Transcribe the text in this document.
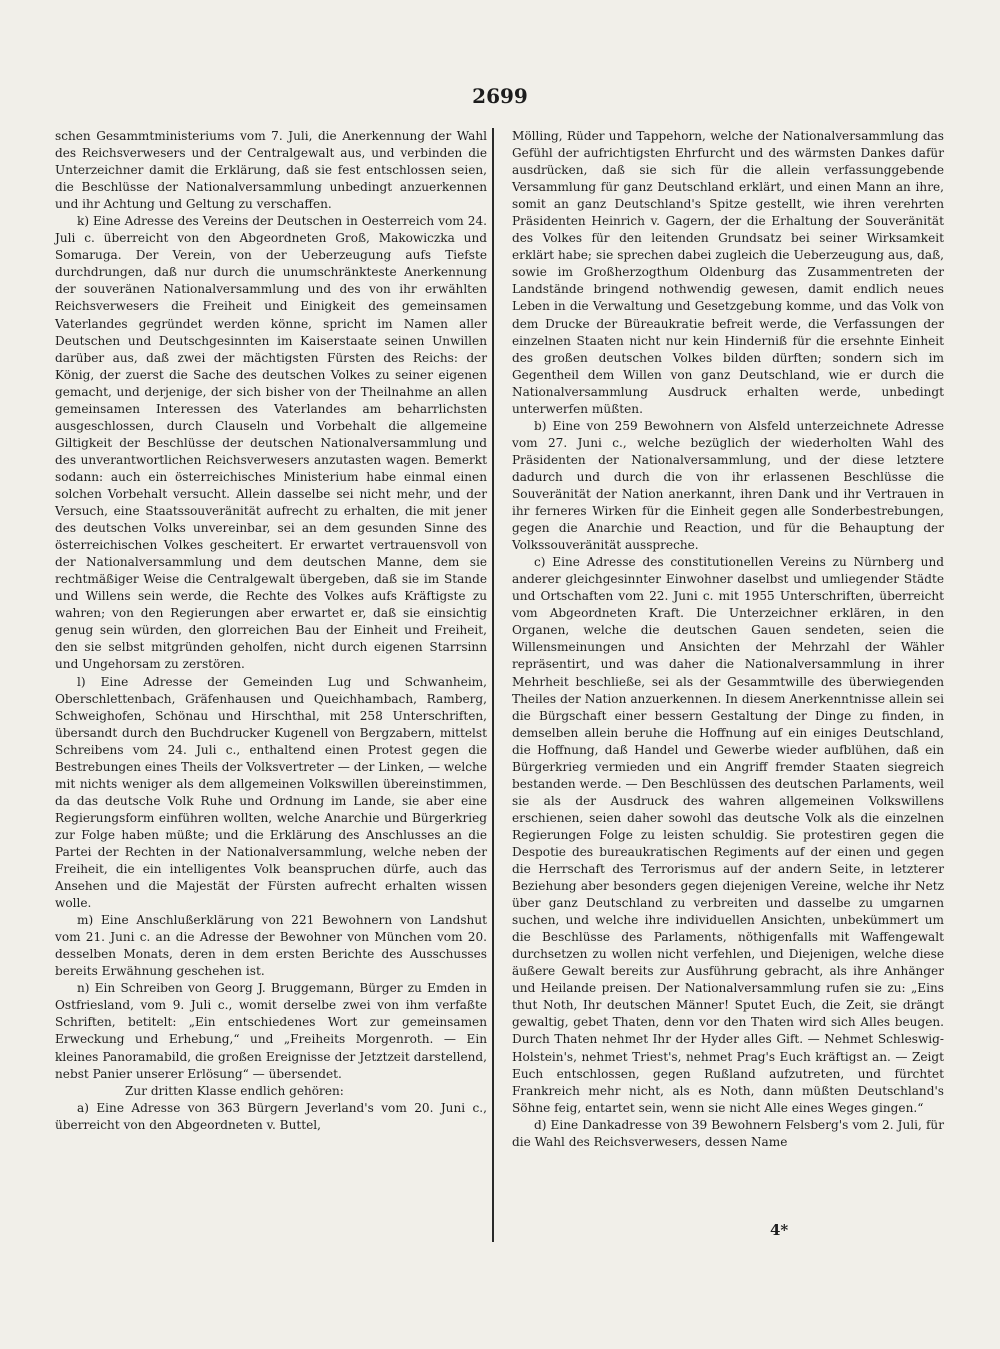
2699

schen Gesammtministeriums vom 7. Juli, die Anerkennung der Wahl des Reichsverwesers und der Centralgewalt aus, und verbinden die Unterzeichner damit die Erklärung, daß sie fest entschlossen seien, die Beschlüsse der Nationalversammlung unbedingt anzuerkennen und ihr Achtung und Geltung zu verschaffen.

k) Eine Adresse des Vereins der Deutschen in Oesterreich vom 24. Juli c. überreicht von den Abgeordneten Groß, Makowiczka und Somaruga. Der Verein, von der Ueberzeugung aufs Tiefste durchdrungen, daß nur durch die unumschränkteste Anerkennung der souveränen Nationalversammlung und des von ihr erwählten Reichsverwesers die Freiheit und Einigkeit des gemeinsamen Vaterlandes gegründet werden könne, spricht im Namen aller Deutschen und Deutschgesinnten im Kaiserstaate seinen Unwillen darüber aus, daß zwei der mächtigsten Fürsten des Reichs: der König, der zuerst die Sache des deutschen Volkes zu seiner eigenen gemacht, und derjenige, der sich bisher von der Theilnahme an allen gemeinsamen Interessen des Vaterlandes am beharrlichsten ausgeschlossen, durch Clauseln und Vorbehalt die allgemeine Giltigkeit der Beschlüsse der deutschen Nationalversammlung und des unverantwortlichen Reichsverwesers anzutasten wagen. Bemerkt sodann: auch ein österreichisches Ministerium habe einmal einen solchen Vorbehalt versucht. Allein dasselbe sei nicht mehr, und der Versuch, eine Staatssouveränität aufrecht zu erhalten, die mit jener des deutschen Volks unvereinbar, sei an dem gesunden Sinne des österreichischen Volkes gescheitert. Er erwartet vertrauensvoll von der Nationalversammlung und dem deutschen Manne, dem sie rechtmäßiger Weise die Centralgewalt übergeben, daß sie im Stande und Willens sein werde, die Rechte des Volkes aufs Kräftigste zu wahren; von den Regierungen aber erwartet er, daß sie einsichtig genug sein würden, den glorreichen Bau der Einheit und Freiheit, den sie selbst mitgründen geholfen, nicht durch eigenen Starrsinn und Ungehorsam zu zerstören.

l) Eine Adresse der Gemeinden Lug und Schwanheim, Oberschlettenbach, Gräfenhausen und Queichhambach, Ramberg, Schweighofen, Schönau und Hirschthal, mit 258 Unterschriften, übersandt durch den Buchdrucker Kugenell von Bergzabern, mittelst Schreibens vom 24. Juli c., enthaltend einen Protest gegen die Bestrebungen eines Theils der Volksvertreter — der Linken, — welche mit nichts weniger als dem allgemeinen Volkswillen übereinstimmen, da das deutsche Volk Ruhe und Ordnung im Lande, sie aber eine Regierungsform einführen wollten, welche Anarchie und Bürgerkrieg zur Folge haben müßte; und die Erklärung des Anschlusses an die Partei der Rechten in der Nationalversammlung, welche neben der Freiheit, die ein intelligentes Volk beanspruchen dürfe, auch das Ansehen und die Majestät der Fürsten aufrecht erhalten wissen wolle.

m) Eine Anschlußerklärung von 221 Bewohnern von Landshut vom 21. Juni c. an die Adresse der Bewohner von München vom 20. desselben Monats, deren in dem ersten Berichte des Ausschusses bereits Erwähnung geschehen ist.

n) Ein Schreiben von Georg J. Bruggemann, Bürger zu Emden in Ostfriesland, vom 9. Juli c., womit derselbe zwei von ihm verfaßte Schriften, betitelt: „Ein entschiedenes Wort zur gemeinsamen Erweckung und Erhebung,“ und „Freiheits Morgenroth. — Ein kleines Panoramabild, die großen Ereignisse der Jetztzeit darstellend, nebst Panier unserer Erlösung“ — übersendet.

Zur dritten Klasse endlich gehören:

a) Eine Adresse von 363 Bürgern Jeverland's vom 20. Juni c., überreicht von den Abgeordneten v. Buttel,

Mölling, Rüder und Tappehorn, welche der Nationalversammlung das Gefühl der aufrichtigsten Ehrfurcht und des wärmsten Dankes dafür ausdrücken, daß sie sich für die allein verfassunggebende Versammlung für ganz Deutschland erklärt, und einen Mann an ihre, somit an ganz Deutschland's Spitze gestellt, wie ihren verehrten Präsidenten Heinrich v. Gagern, der die Erhaltung der Souveränität des Volkes für den leitenden Grundsatz bei seiner Wirksamkeit erklärt habe; sie sprechen dabei zugleich die Ueberzeugung aus, daß, sowie im Großherzogthum Oldenburg das Zusammentreten der Landstände bringend nothwendig gewesen, damit endlich neues Leben in die Verwaltung und Gesetzgebung komme, und das Volk von dem Drucke der Büreaukratie befreit werde, die Verfassungen der einzelnen Staaten nicht nur kein Hinderniß für die ersehnte Einheit des großen deutschen Volkes bilden dürften; sondern sich im Gegentheil dem Willen von ganz Deutschland, wie er durch die Nationalversammlung Ausdruck erhalten werde, unbedingt unterwerfen müßten.

b) Eine von 259 Bewohnern von Alsfeld unterzeichnete Adresse vom 27. Juni c., welche bezüglich der wiederholten Wahl des Präsidenten der Nationalversammlung, und der diese letztere dadurch und durch die von ihr erlassenen Beschlüsse die Souveränität der Nation anerkannt, ihren Dank und ihr Vertrauen in ihr ferneres Wirken für die Einheit gegen alle Sonderbestrebungen, gegen die Anarchie und Reaction, und für die Behauptung der Volkssouveränität ausspreche.

c) Eine Adresse des constitutionellen Vereins zu Nürnberg und anderer gleichgesinnter Einwohner daselbst und umliegender Städte und Ortschaften vom 22. Juni c. mit 1955 Unterschriften, überreicht vom Abgeordneten Kraft. Die Unterzeichner erklären, in den Organen, welche die deutschen Gauen sendeten, seien die Willensmeinungen und Ansichten der Mehrzahl der Wähler repräsentirt, und was daher die Nationalversammlung in ihrer Mehrheit beschließe, sei als der Gesammtwille des überwiegenden Theiles der Nation anzuerkennen. In diesem Anerkenntnisse allein sei die Bürgschaft einer bessern Gestaltung der Dinge zu finden, in demselben allein beruhe die Hoffnung auf ein einiges Deutschland, die Hoffnung, daß Handel und Gewerbe wieder aufblühen, daß ein Bürgerkrieg vermieden und ein Angriff fremder Staaten siegreich bestanden werde. — Den Beschlüssen des deutschen Parlaments, weil sie als der Ausdruck des wahren allgemeinen Volkswillens erschienen, seien daher sowohl das deutsche Volk als die einzelnen Regierungen Folge zu leisten schuldig. Sie protestiren gegen die Despotie des bureaukratischen Regiments auf der einen und gegen die Herrschaft des Terrorismus auf der andern Seite, in letzterer Beziehung aber besonders gegen diejenigen Vereine, welche ihr Netz über ganz Deutschland zu verbreiten und dasselbe zu umgarnen suchen, und welche ihre individuellen Ansichten, unbekümmert um die Beschlüsse des Parlaments, nöthigenfalls mit Waffengewalt durchsetzen zu wollen nicht verfehlen, und Diejenigen, welche diese äußere Gewalt bereits zur Ausführung gebracht, als ihre Anhänger und Heilande preisen. Der Nationalversammlung rufen sie zu: „Eins thut Noth, Ihr deutschen Männer! Sputet Euch, die Zeit, sie drängt gewaltig, gebet Thaten, denn vor den Thaten wird sich Alles beugen. Durch Thaten nehmet Ihr der Hyder alles Gift. — Nehmet Schleswig-Holstein's, nehmet Triest's, nehmet Prag's Euch kräftigst an. — Zeigt Euch entschlossen, gegen Rußland aufzutreten, und fürchtet Frankreich mehr nicht, als es Noth, dann müßten Deutschland's Söhne feig, entartet sein, wenn sie nicht Alle eines Weges gingen.“

d) Eine Dankadresse von 39 Bewohnern Felsberg's vom 2. Juli, für die Wahl des Reichsverwesers, dessen Name

4*
